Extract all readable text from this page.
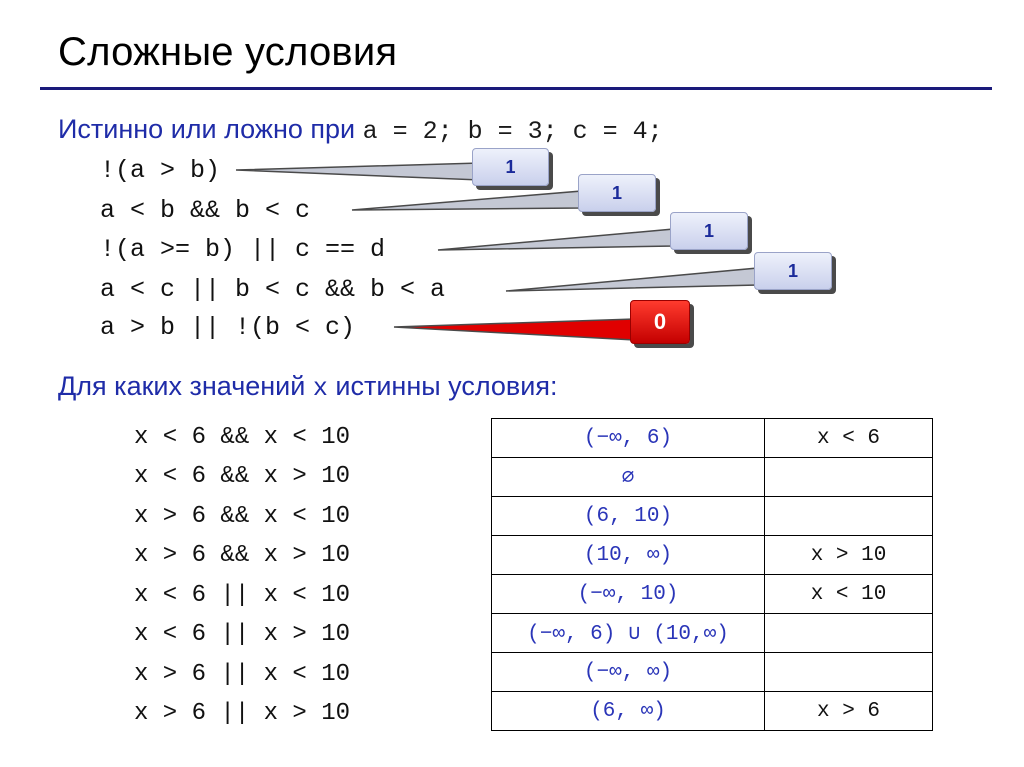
Сложные условия
Истинно или ложно при a = 2; b = 3; c = 4;
!(a > b)
a < b && b < c
!(a >= b) || c == d
a < c || b < c && b < a
a > b || !(b < c)
1
1
1
1
0
Для каких значений x истинны условия:
x < 6 && x < 10
x < 6 && x > 10
x > 6 && x < 10
x > 6 && x > 10
x < 6 || x < 10
x < 6 || x > 10
x > 6 || x < 10
x > 6 || x > 10
(−∞, 6)	x < 6
∅	
(6, 10)	
(10, ∞)	x > 10
(−∞, 10)	x < 10
(−∞, 6) ∪ (10,∞)	
(−∞, ∞)	
(6, ∞)	x > 6
